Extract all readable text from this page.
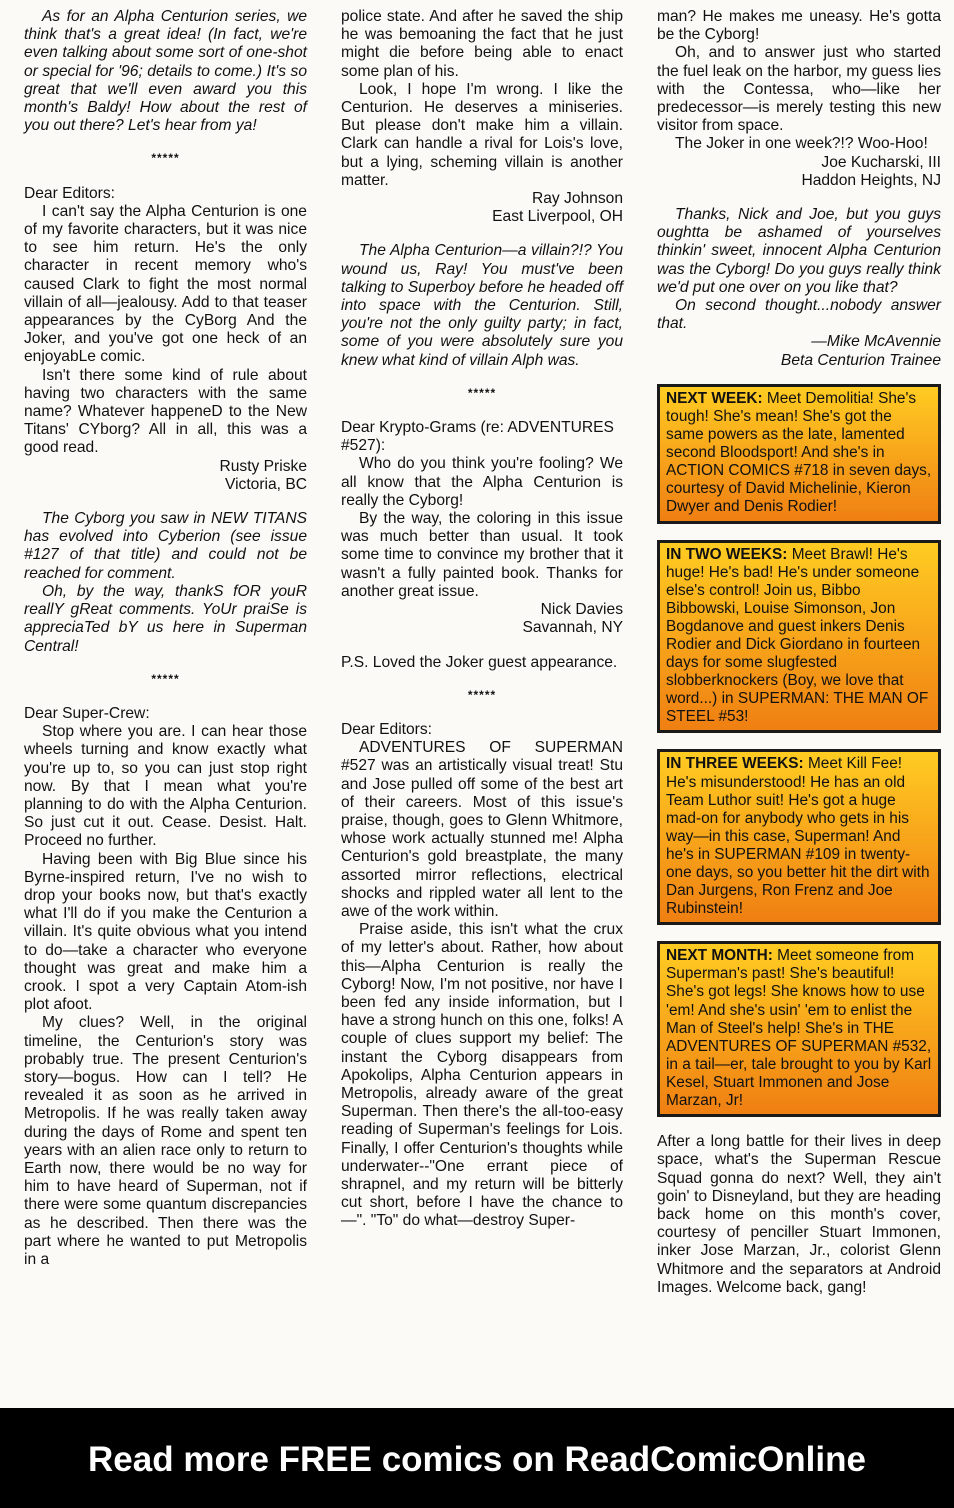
As for an Alpha Centurion series, we think that's a great idea! (In fact, we're even talking about some sort of one-shot or special for '96; details to come.) It's so great that we'll even award you this month's Baldy! How about the rest of you out there? Let's hear from ya!

*****

Dear Editors:

I can't say the Alpha Centurion is one of my favorite characters, but it was nice to see him return. He's the only character in recent memory who's caused Clark to fight the most normal villain of all—jealousy. Add to that teaser appearances by the CyBorg And the Joker, and you've got one heck of an enjoyabLe comic.

Isn't there some kind of rule about having two characters with the same name? Whatever happeneD to the New Titans' CYborg? All in all, this was a good read.

Rusty Priske

Victoria, BC

The Cyborg you saw in NEW TITANS has evolved into Cyberion (see issue #127 of that title) and could not be reached for comment.

Oh, by the way, thankS fOR youR reallY gReat comments. YoUr praiSe is appreciaTed bY us here in Superman Central!

*****

Dear Super-Crew:

Stop where you are. I can hear those wheels turning and know exactly what you're up to, so you can just stop right now. By that I mean what you're planning to do with the Alpha Centurion. So just cut it out. Cease. Desist. Halt. Proceed no further.

Having been with Big Blue since his Byrne-inspired return, I've no wish to drop your books now, but that's exactly what I'll do if you make the Centurion a villain. It's quite obvious what you intend to do—take a character who everyone thought was great and make him a crook. I spot a very Captain Atom-ish plot afoot.

My clues? Well, in the original timeline, the Centurion's story was probably true. The present Centurion's story—bogus. How can I tell? He revealed it as soon as he arrived in Metropolis. If he was really taken away during the days of Rome and spent ten years with an alien race only to return to Earth now, there would be no way for him to have heard of Superman, not if there were some quantum discrepancies as he described. Then there was the part where he wanted to put Metropolis in a

police state. And after he saved the ship he was bemoaning the fact that he just might die before being able to enact some plan of his.

Look, I hope I'm wrong. I like the Centurion. He deserves a miniseries. But please don't make him a villain. Clark can handle a rival for Lois's love, but a lying, scheming villain is another matter.

Ray Johnson

East Liverpool, OH

The Alpha Centurion—a villain?!? You wound us, Ray! You must've been talking to Superboy before he headed off into space with the Centurion. Still, you're not the only guilty party; in fact, some of you were absolutely sure you knew what kind of villain Alph was.

*****

Dear Krypto-Grams (re: ADVENTURES #527):

Who do you think you're fooling? We all know that the Alpha Centurion is really the Cyborg!

By the way, the coloring in this issue was much better than usual. It took some time to convince my brother that it wasn't a fully painted book. Thanks for another great issue.

Nick Davies

Savannah, NY

P.S. Loved the Joker guest appearance.

*****

Dear Editors:

ADVENTURES OF SUPERMAN #527 was an artistically visual treat! Stu and Jose pulled off some of the best art of their careers. Most of this issue's praise, though, goes to Glenn Whitmore, whose work actually stunned me! Alpha Centurion's gold breastplate, the many assorted mirror reflections, electrical shocks and rippled water all lent to the awe of the work within.

Praise aside, this isn't what the crux of my letter's about. Rather, how about this—Alpha Centurion is really the Cyborg! Now, I'm not positive, nor have I been fed any inside information, but I have a strong hunch on this one, folks! A couple of clues support my belief: The instant the Cyborg disappears from Apokolips, Alpha Centurion appears in Metropolis, already aware of the great Superman. Then there's the all-too-easy reading of Superman's feelings for Lois. Finally, I offer Centurion's thoughts while underwater--"One errant piece of shrapnel, and my return will be bitterly cut short, before I have the chance to—". "To" do what—destroy Super-

man? He makes me uneasy. He's gotta be the Cyborg!

Oh, and to answer just who started the fuel leak on the harbor, my guess lies with the Contessa, who—like her predecessor—is merely testing this new visitor from space.

The Joker in one week?!? Woo-Hoo!

Joe Kucharski, III

Haddon Heights, NJ

Thanks, Nick and Joe, but you guys oughtta be ashamed of yourselves thinkin' sweet, innocent Alpha Centurion was the Cyborg! Do you guys really think we'd put one over on you like that?

On second thought...nobody answer that.

—Mike McAvennie

Beta Centurion Trainee

NEXT WEEK: Meet Demolitia! She's tough! She's mean! She's got the same powers as the late, lamented second Bloodsport! And she's in ACTION COMICS #718 in seven days, courtesy of David Michelinie, Kieron Dwyer and Denis Rodier!
IN TWO WEEKS: Meet Brawl! He's huge! He's bad! He's under someone else's control! Join us, Bibbo Bibbowski, Louise Simonson, Jon Bogdanove and guest inkers Denis Rodier and Dick Giordano in fourteen days for some slugfested slobberknockers (Boy, we love that word...) in SUPERMAN: THE MAN OF STEEL #53!
IN THREE WEEKS: Meet Kill Fee! He's misunderstood! He has an old Team Luthor suit! He's got a huge mad-on for anybody who gets in his way—in this case, Superman! And he's in SUPERMAN #109 in twenty-one days, so you better hit the dirt with Dan Jurgens, Ron Frenz and Joe Rubinstein!
NEXT MONTH: Meet someone from Superman's past! She's beautiful! She's got legs! She knows how to use 'em! And she's usin' 'em to enlist the Man of Steel's help! She's in THE ADVENTURES OF SUPERMAN #532, in a tail—er, tale brought to you by Karl Kesel, Stuart Immonen and Jose Marzan, Jr!

After a long battle for their lives in deep space, what's the Superman Rescue Squad gonna do next? Well, they ain't goin' to Disneyland, but they are heading back home on this month's cover, courtesy of penciller Stuart Immonen, inker Jose Marzan, Jr., colorist Glenn Whitmore and the separators at Android Images. Welcome back, gang!

Read more FREE comics on ReadComicOnline
